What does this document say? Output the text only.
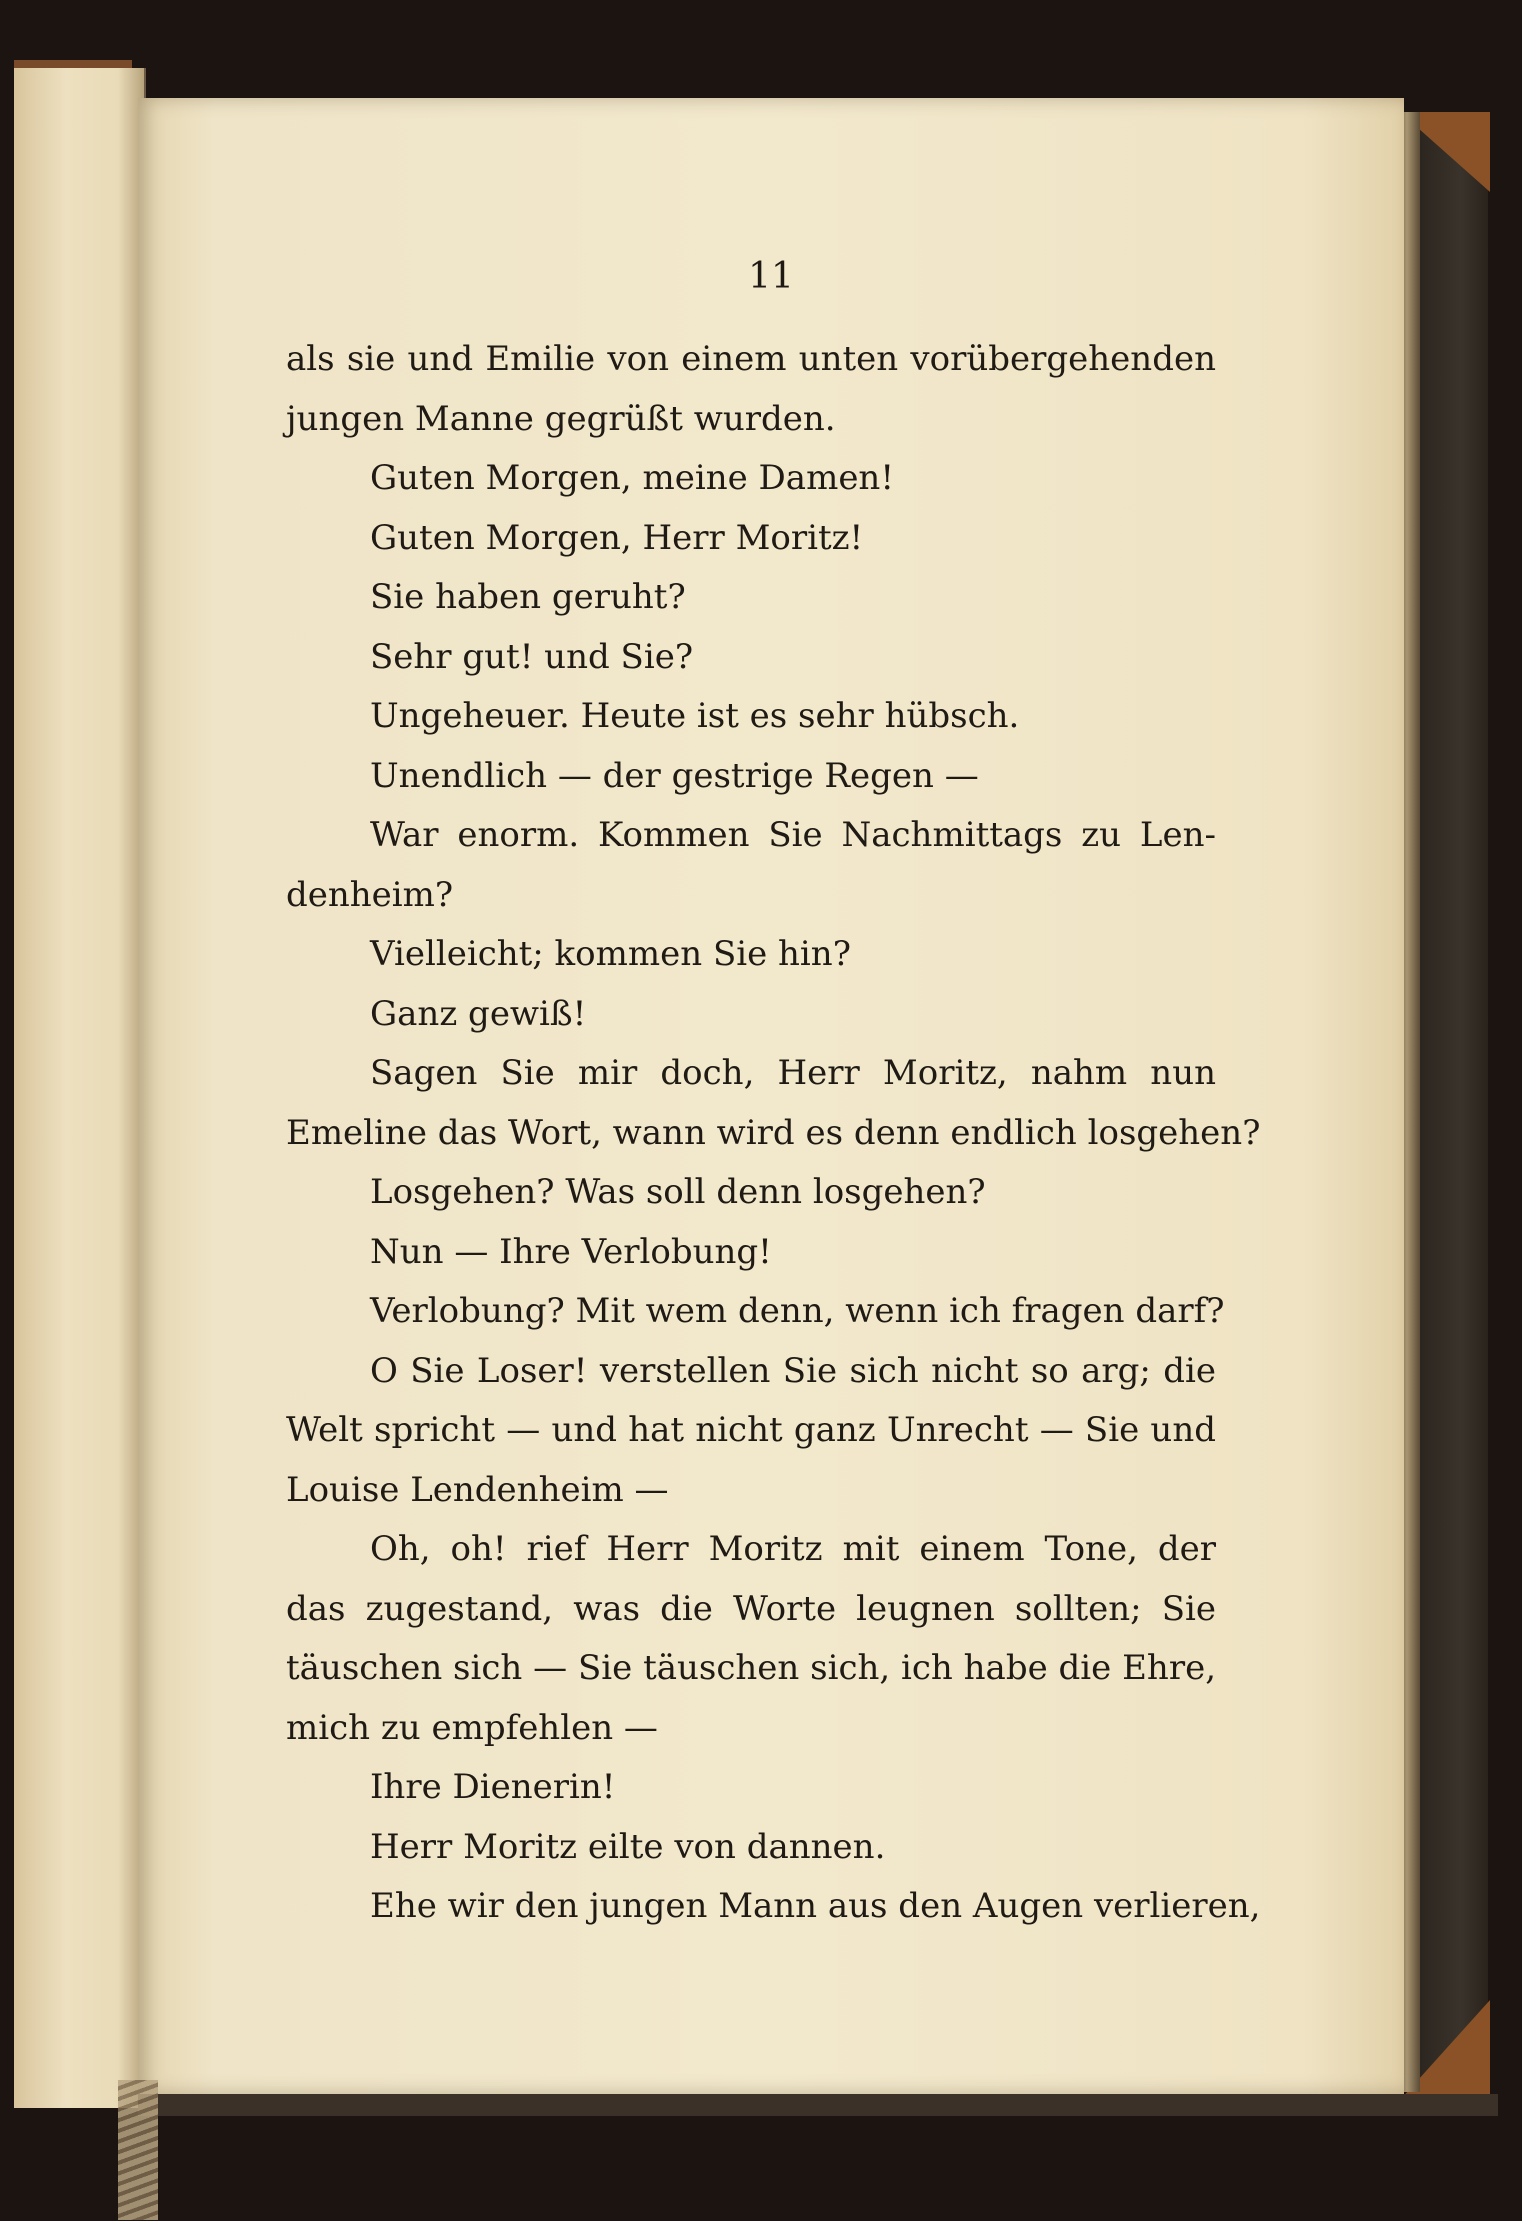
11
als sie und Emilie von einem unten vorübergehenden
jungen Manne gegrüßt wurden.
Guten Morgen, meine Damen!
Guten Morgen, Herr Moritz!
Sie haben geruht?
Sehr gut! und Sie?
Ungeheuer. Heute ist es sehr hübsch.
Unendlich — der gestrige Regen —
War enorm. Kommen Sie Nachmittags zu Len-
denheim?
Vielleicht; kommen Sie hin?
Ganz gewiß!
Sagen Sie mir doch, Herr Moritz, nahm nun
Emeline das Wort, wann wird es denn endlich losgehen?
Losgehen? Was soll denn losgehen?
Nun — Ihre Verlobung!
Verlobung? Mit wem denn, wenn ich fragen darf?
O Sie Loser! verstellen Sie sich nicht so arg; die
Welt spricht — und hat nicht ganz Unrecht — Sie und
Louise Lendenheim —
Oh, oh! rief Herr Moritz mit einem Tone, der
das zugestand, was die Worte leugnen sollten; Sie
täuschen sich — Sie täuschen sich, ich habe die Ehre,
mich zu empfehlen —
Ihre Dienerin!
Herr Moritz eilte von dannen.
Ehe wir den jungen Mann aus den Augen verlieren,
